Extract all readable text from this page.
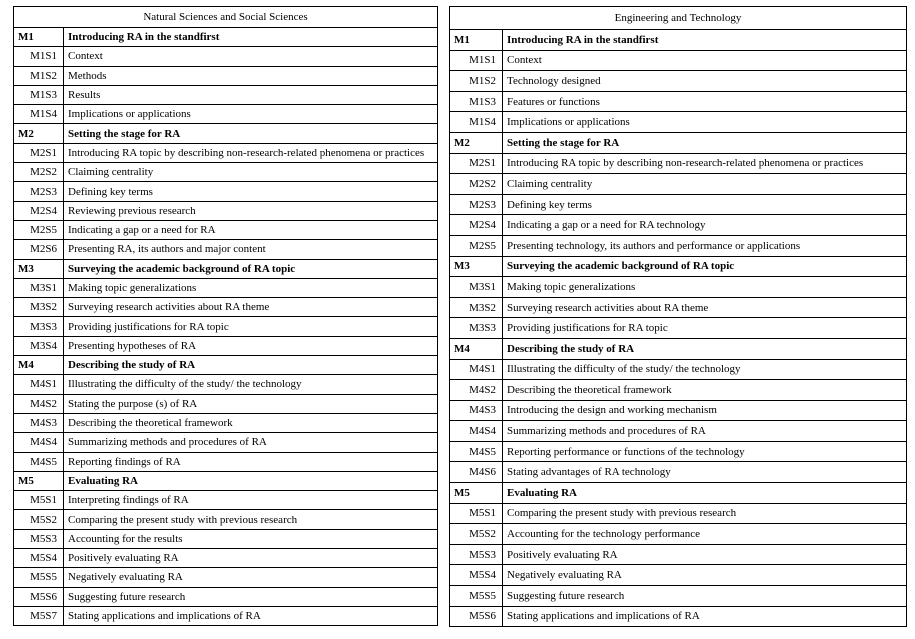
Natural Sciences and Social Sciences	
M1	Introducing RA in the standfirst
M1S1	Context
M1S2	Methods
M1S3	Results
M1S4	Implications or applications
M2	Setting the stage for RA
M2S1	Introducing RA topic by describing non-research-related phenomena or practices
M2S2	Claiming centrality
M2S3	Defining key terms
M2S4	Reviewing previous research
M2S5	Indicating a gap or a need for RA
M2S6	Presenting RA, its authors and major content
M3	Surveying the academic background of RA topic
M3S1	Making topic generalizations
M3S2	Surveying research activities about RA theme
M3S3	Providing justifications for RA topic
M3S4	Presenting hypotheses of RA
M4	Describing the study of RA
M4S1	Illustrating the difficulty of the study/ the technology
M4S2	Stating the purpose (s) of RA
M4S3	Describing the theoretical framework
M4S4	Summarizing methods and procedures of RA
M4S5	Reporting findings of RA
M5	Evaluating RA
M5S1	Interpreting findings of RA
M5S2	Comparing the present study with previous research
M5S3	Accounting for the results
M5S4	Positively evaluating RA
M5S5	Negatively evaluating RA
M5S6	Suggesting future research
M5S7	Stating applications and implications of RA
Engineering and Technology	
M1	Introducing RA in the standfirst
M1S1	Context
M1S2	Technology designed
M1S3	Features or functions
M1S4	Implications or applications
M2	Setting the stage for RA
M2S1	Introducing RA topic by describing non-research-related phenomena or practices
M2S2	Claiming centrality
M2S3	Defining key terms
M2S4	Indicating a gap or a need for RA technology
M2S5	Presenting technology, its authors and performance or applications
M3	Surveying the academic background of RA topic
M3S1	Making topic generalizations
M3S2	Surveying research activities about RA theme
M3S3	Providing justifications for RA topic
M4	Describing the study of RA
M4S1	Illustrating the difficulty of the study/ the technology
M4S2	Describing the theoretical framework
M4S3	Introducing the design and working mechanism
M4S4	Summarizing methods and procedures of RA
M4S5	Reporting performance or functions of the technology
M4S6	Stating advantages of RA technology
M5	Evaluating RA
M5S1	Comparing the present study with previous research
M5S2	Accounting for the technology performance
M5S3	Positively evaluating RA
M5S4	Negatively evaluating RA
M5S5	Suggesting future research
M5S6	Stating applications and implications of RA
